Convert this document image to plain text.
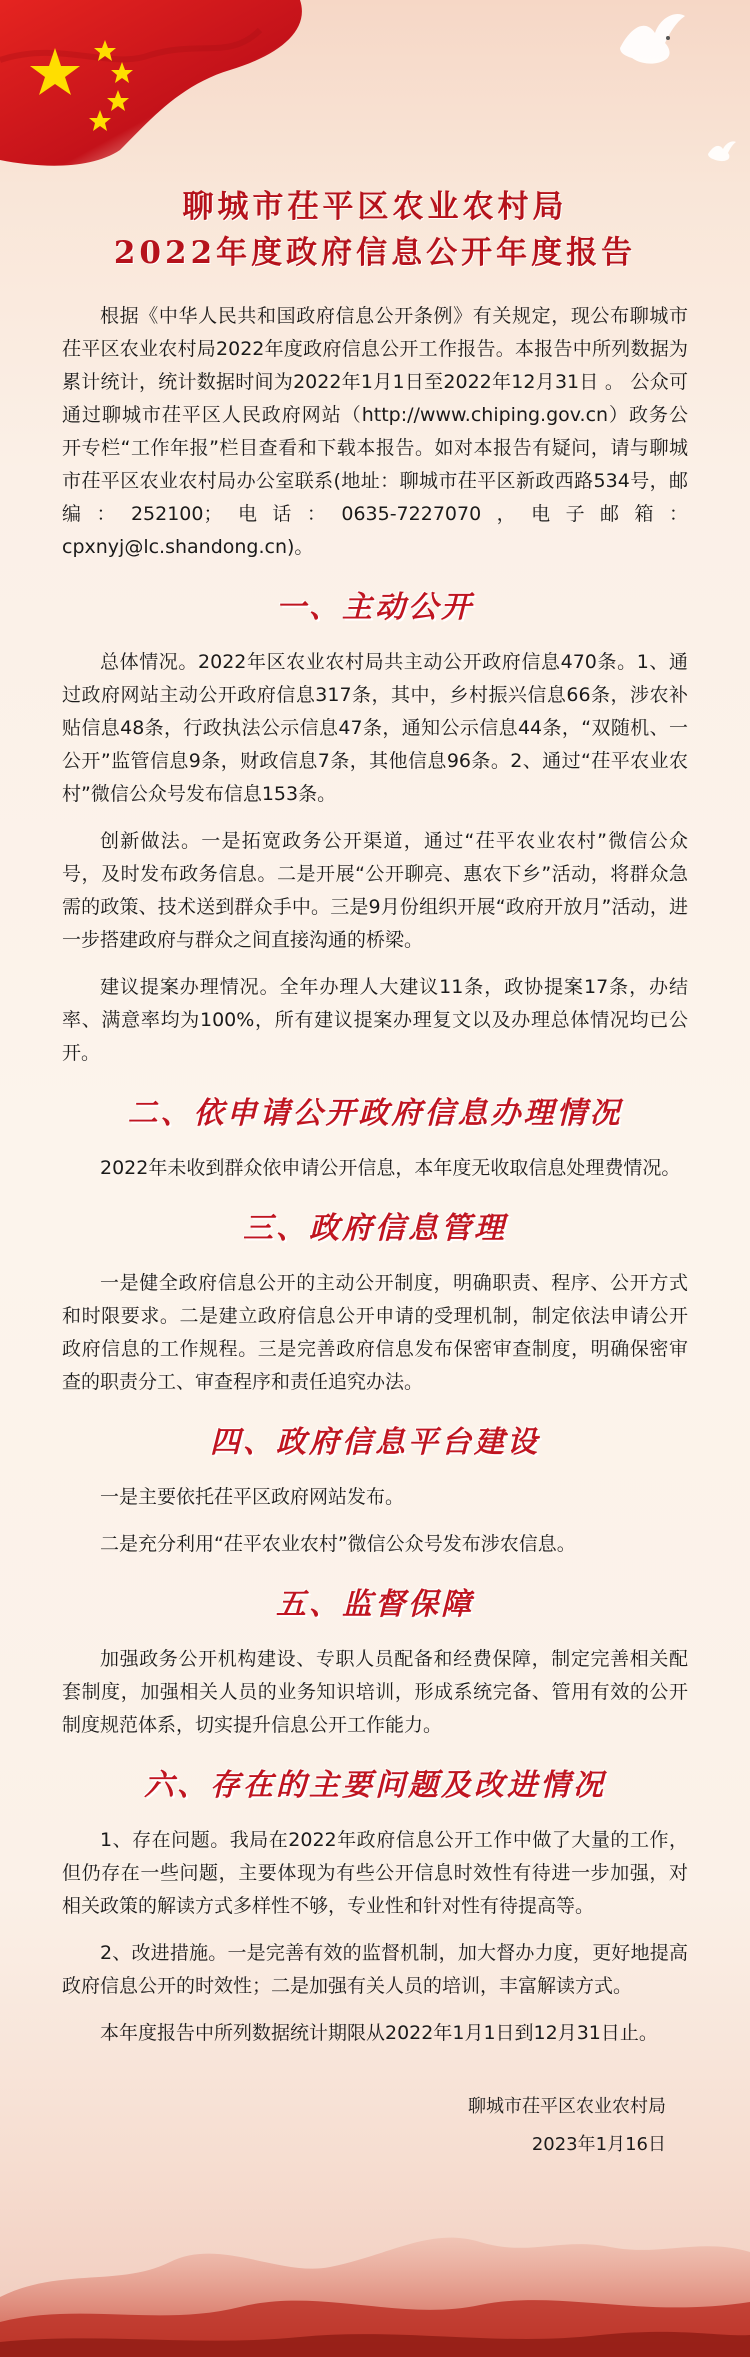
聊城市茌平区农业农村局
2022年度政府信息公开年度报告

根据《中华人民共和国政府信息公开条例》有关规定，现公布聊城市茌平区农业农村局2022年度政府信息公开工作报告。本报告中所列数据为累计统计，统计数据时间为2022年1月1日至2022年12月31日 。 公众可通过聊城市茌平区人民政府网站（http://www.chiping.gov.cn）政务公开专栏“工作年报”栏目查看和下载本报告。如对本报告有疑问，请与聊城市茌平区农业农村局办公室联系(地址：聊城市茌平区新政西路534号，邮编：252100；电话：0635-7227070，电子邮箱：cpxnyj@lc.shandong.cn)。

一、主动公开

总体情况。2022年区农业农村局共主动公开政府信息470条。1、通过政府网站主动公开政府信息317条，其中，乡村振兴信息66条，涉农补贴信息48条，行政执法公示信息47条，通知公示信息44条，“双随机、一公开”监管信息9条，财政信息7条，其他信息96条。2、通过“茌平农业农村”微信公众号发布信息153条。

创新做法。一是拓宽政务公开渠道，通过“茌平农业农村”微信公众号，及时发布政务信息。二是开展“公开聊亮、惠农下乡”活动，将群众急需的政策、技术送到群众手中。三是9月份组织开展“政府开放月”活动，进一步搭建政府与群众之间直接沟通的桥梁。

建议提案办理情况。全年办理人大建议11条，政协提案17条，办结率、满意率均为100%，所有建议提案办理复文以及办理总体情况均已公开。

二、依申请公开政府信息办理情况

2022年未收到群众依申请公开信息，本年度无收取信息处理费情况。

三、政府信息管理

一是健全政府信息公开的主动公开制度，明确职责、程序、公开方式和时限要求。二是建立政府信息公开申请的受理机制，制定依法申请公开政府信息的工作规程。三是完善政府信息发布保密审查制度，明确保密审查的职责分工、审查程序和责任追究办法。

四、政府信息平台建设

一是主要依托茌平区政府网站发布。

二是充分利用“茌平农业农村”微信公众号发布涉农信息。

五、监督保障

加强政务公开机构建设、专职人员配备和经费保障，制定完善相关配套制度，加强相关人员的业务知识培训，形成系统完备、管用有效的公开制度规范体系，切实提升信息公开工作能力。

六、存在的主要问题及改进情况

1、存在问题。我局在2022年政府信息公开工作中做了大量的工作，但仍存在一些问题，主要体现为有些公开信息时效性有待进一步加强，对相关政策的解读方式多样性不够，专业性和针对性有待提高等。

2、改进措施。一是完善有效的监督机制，加大督办力度，更好地提高政府信息公开的时效性；二是加强有关人员的培训，丰富解读方式。

本年度报告中所列数据统计期限从2022年1月1日到12月31日止。

聊城市茌平区农业农村局
2023年1月16日
